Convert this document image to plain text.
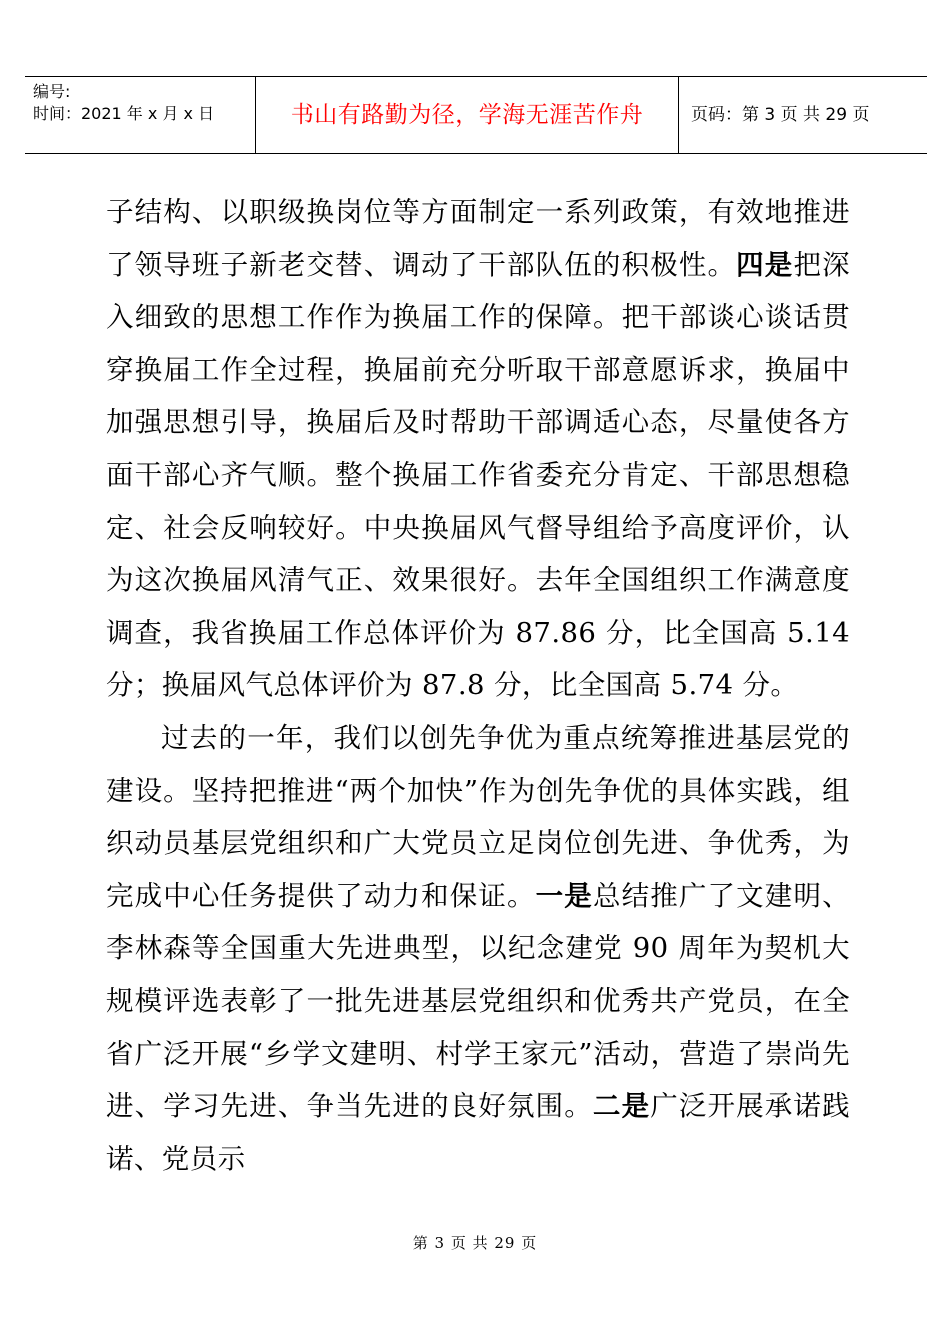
编号:
时间：2021 年 x 月 x 日	书山有路勤为径，学海无涯苦作舟	页码：第 3 页 共 29 页

子结构、以职级换岗位等方面制定一系列政策，有效地推进了领导班子新老交替、调动了干部队伍的积极性。四是把深入细致的思想工作作为换届工作的保障。把干部谈心谈话贯穿换届工作全过程，换届前充分听取干部意愿诉求，换届中加强思想引导，换届后及时帮助干部调适心态，尽量使各方面干部心齐气顺。整个换届工作省委充分肯定、干部思想稳定、社会反响较好。中央换届风气督导组给予高度评价，认为这次换届风清气正、效果很好。去年全国组织工作满意度调查，我省换届工作总体评价为 87.86 分，比全国高 5.14 分；换届风气总体评价为 87.8 分，比全国高 5.74 分。

过去的一年，我们以创先争优为重点统筹推进基层党的建设。坚持把推进“两个加快”作为创先争优的具体实践，组织动员基层党组织和广大党员立足岗位创先进、争优秀，为完成中心任务提供了动力和保证。一是总结推广了文建明、李林森等全国重大先进典型，以纪念建党 90 周年为契机大规模评选表彰了一批先进基层党组织和优秀共产党员，在全省广泛开展“乡学文建明、村学王家元”活动，营造了崇尚先进、学习先进、争当先进的良好氛围。二是广泛开展承诺践诺、党员示

第 3 页 共 29 页
